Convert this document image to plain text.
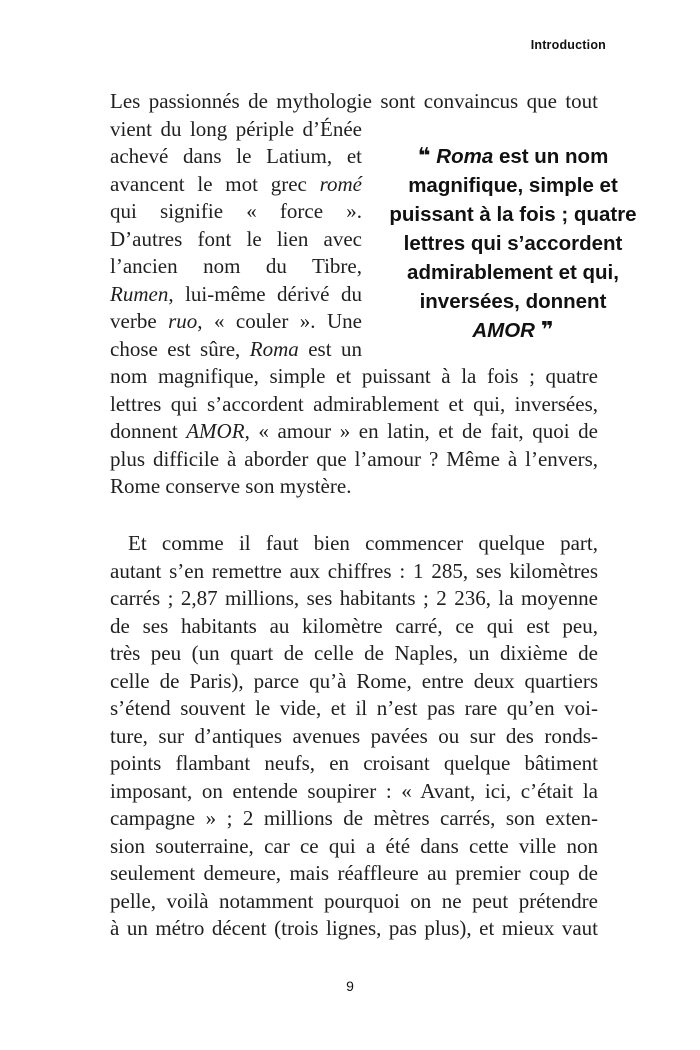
Introduction
Les passionnés de mythologie sont convaincus que tout
vient du long périple d’Énée
achevé dans le Latium, et
avancent le mot grec romé
qui signifie « force ».
D’autres font le lien avec
l’ancien nom du Tibre,
Rumen, lui-même dérivé du
verbe ruo, « couler ». Une
chose est sûre, Roma est un
nom magnifique, simple et puissant à la fois ; quatre
lettres qui s’accordent admirablement et qui, inversées,
donnent AMOR, « amour » en latin, et de fait, quoi de
plus difficile à aborder que l’amour ? Même à l’envers,
Rome conserve son mystère.
❝ Roma est un nom
magnifique, simple et
puissant à la fois ; quatre
lettres qui s’accordent
admirablement et qui,
inversées, donnent
AMOR ❞
Et comme il faut bien commencer quelque part,
autant s’en remettre aux chiffres : 1 285, ses kilomètres
carrés ; 2,87 millions, ses habitants ; 2 236, la moyenne
de ses habitants au kilomètre carré, ce qui est peu,
très peu (un quart de celle de Naples, un dixième de
celle de Paris), parce qu’à Rome, entre deux quartiers
s’étend souvent le vide, et il n’est pas rare qu’en voi-
ture, sur d’antiques avenues pavées ou sur des ronds-
points flambant neufs, en croisant quelque bâtiment
imposant, on entende soupirer : « Avant, ici, c’était la
campagne » ; 2 millions de mètres carrés, son exten-
sion souterraine, car ce qui a été dans cette ville non
seulement demeure, mais réaffleure au premier coup de
pelle, voilà notamment pourquoi on ne peut prétendre
à un métro décent (trois lignes, pas plus), et mieux vaut
9
